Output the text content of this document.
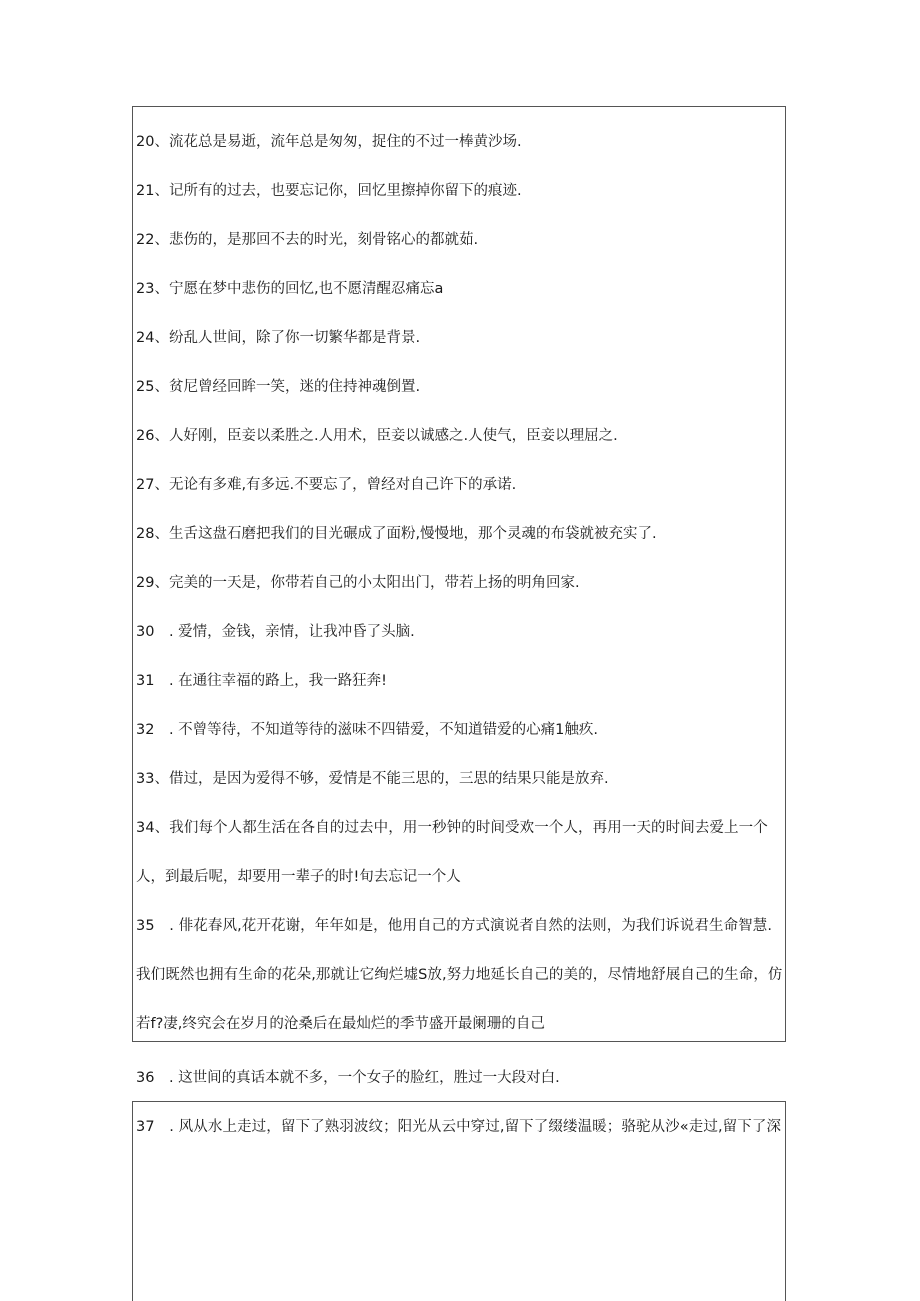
20、流花总是易逝，流年总是匆匆，捉住的不过一棒黄沙场.
21、记所有的过去，也要忘记你，回忆里擦掉你留下的痕迹.
22、悲伤的，是那回不去的时光，刻骨铭心的都就茹.
23、宁愿在梦中悲伤的回忆,也不愿清醒忍痛忘a
24、纷乱人世间，除了你一切繁华都是背景.
25、贫尼曾经回眸一笑，迷的住持神魂倒置.
26、人好刚，臣妾以柔胜之.人用术，臣妾以诚感之.人使气，臣妾以理屈之.
27、无论有多难,有多远.不要忘了，曾经对自己许下的承诺.
28、生舌这盘石磨把我们的目光碾成了面粉,慢慢地，那个灵魂的布袋就被充实了.
29、完美的一天是，你带若自己的小太阳出门，带若上扬的明角回家.
30　. 爱情，金钱，亲情，让我冲昏了头脑.
31　. 在通往幸福的路上，我一路狂奔!
32　. 不曾等待，不知道等待的滋味不四错爱，不知道错爱的心痛1触疚.
33、借过，是因为爱得不够，爱情是不能三思的，三思的结果只能是放弃.
34、我们每个人都生活在各自的过去中，用一秒钟的时间受欢一个人，再用一天的时间去爱上一个
人，到最后呢，却要用一辈子的时!旬去忘记一个人
35　. 俳花春风,花开花谢，年年如是，他用自己的方式演说者自然的法则，为我们诉说君生命智慧.
我们既然也拥有生命的花朵,那就让它绚烂墟S放,努力地延长自己的美的，尽情地舒展自己的生命，仿
若f?凄,终究会在岁月的沧桑后在最灿烂的季节盛开最阑珊的自己
36　. 这世间的真话本就不多，一个女子的脸红，胜过一大段对白.
37　. 风从水上走过，留下了熟羽波纹；阳光从云中穿过,留下了缀缕温暖；骆驼从沙«走过,留下了深
